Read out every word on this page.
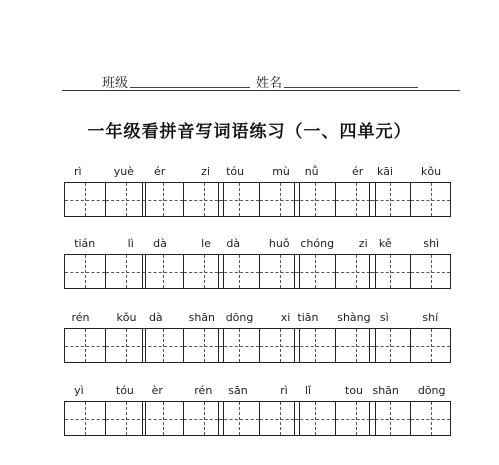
班级	姓名
一年级看拼音写词语练习（一、四单元）
rì	yuè ér	zi tóu	mù nǚ	ér kāi	kǒu
tián	lì dà	le dà	huǒ chóng zi kě	shì
rén kǒu dà shān dōng xi tiān shàng sì	shí
yì	tóu èr	rén sān	rì lǐ	tou shān dōng
